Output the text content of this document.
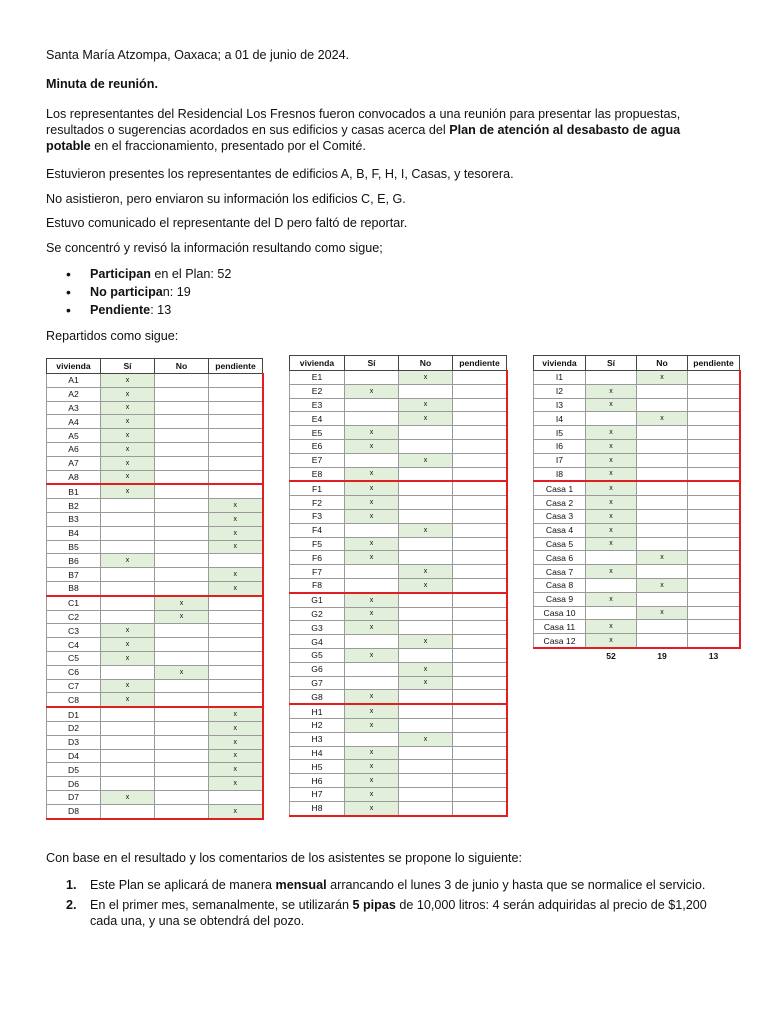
Santa María Atzompa, Oaxaca; a 01 de junio de 2024.

Minuta de reunión.

Los representantes del Residencial Los Fresnos fueron convocados a una reunión para presentar las propuestas, resultados o sugerencias acordados en sus edificios y casas acerca del Plan de atención al desabasto de agua potable en el fraccionamiento, presentado por el Comité.

Estuvieron presentes los representantes de edificios A, B, F, H, I, Casas, y tesorera.

No asistieron, pero enviaron su información los edificios C, E, G.

Estuvo comunicado el representante del D pero faltó de reportar.

Se concentró y revisó la información resultando como sigue;

• Participan en el Plan: 52
• No participan: 19
• Pendiente: 13

Repartidos como sigue:

vivienda	Sí	No	pendiente
A1	x		
A2	x		
A3	x		
A4	x		
A5	x		
A6	x		
A7	x		
A8	x		
B1	x		
B2			x
B3			x
B4			x
B5			x
B6	x		
B7			x
B8			x
C1		x	
C2		x	
C3	x		
C4	x		
C5	x		
C6		x	
C7	x		
C8	x		
D1			x
D2			x
D3			x
D4			x
D5			x
D6			x
D7	x		
D8			x
vivienda	Sí	No	pendiente
E1		x	
E2	x		
E3		x	
E4		x	
E5	x		
E6	x		
E7		x	
E8	x		
F1	x		
F2	x		
F3	x		
F4		x	
F5	x		
F6	x		
F7		x	
F8		x	
G1	x		
G2	x		
G3	x		
G4		x	
G5	x		
G6		x	
G7		x	
G8	x		
H1	x		
H2	x		
H3		x	
H4	x		
H5	x		
H6	x		
H7	x		
H8	x		
vivienda	Sí	No	pendiente
I1		x	
I2	x		
I3	x		
I4		x	
I5	x		
I6	x		
I7	x		
I8	x		
Casa 1	x		
Casa 2	x		
Casa 3	x		
Casa 4	x		
Casa 5	x		
Casa 6		x	
Casa 7	x		
Casa 8		x	
Casa 9	x		
Casa 10		x	
Casa 11	x		
Casa 12	x		
	52	19	13

Con base en el resultado y los comentarios de los asistentes se propone lo siguiente:

1. Este Plan se aplicará de manera mensual arrancando el lunes 3 de junio y hasta que se normalice el servicio.
2. En el primer mes, semanalmente, se utilizarán 5 pipas de 10,000 litros: 4 serán adquiridas al precio de $1,200 cada una, y una se obtendrá del pozo.
